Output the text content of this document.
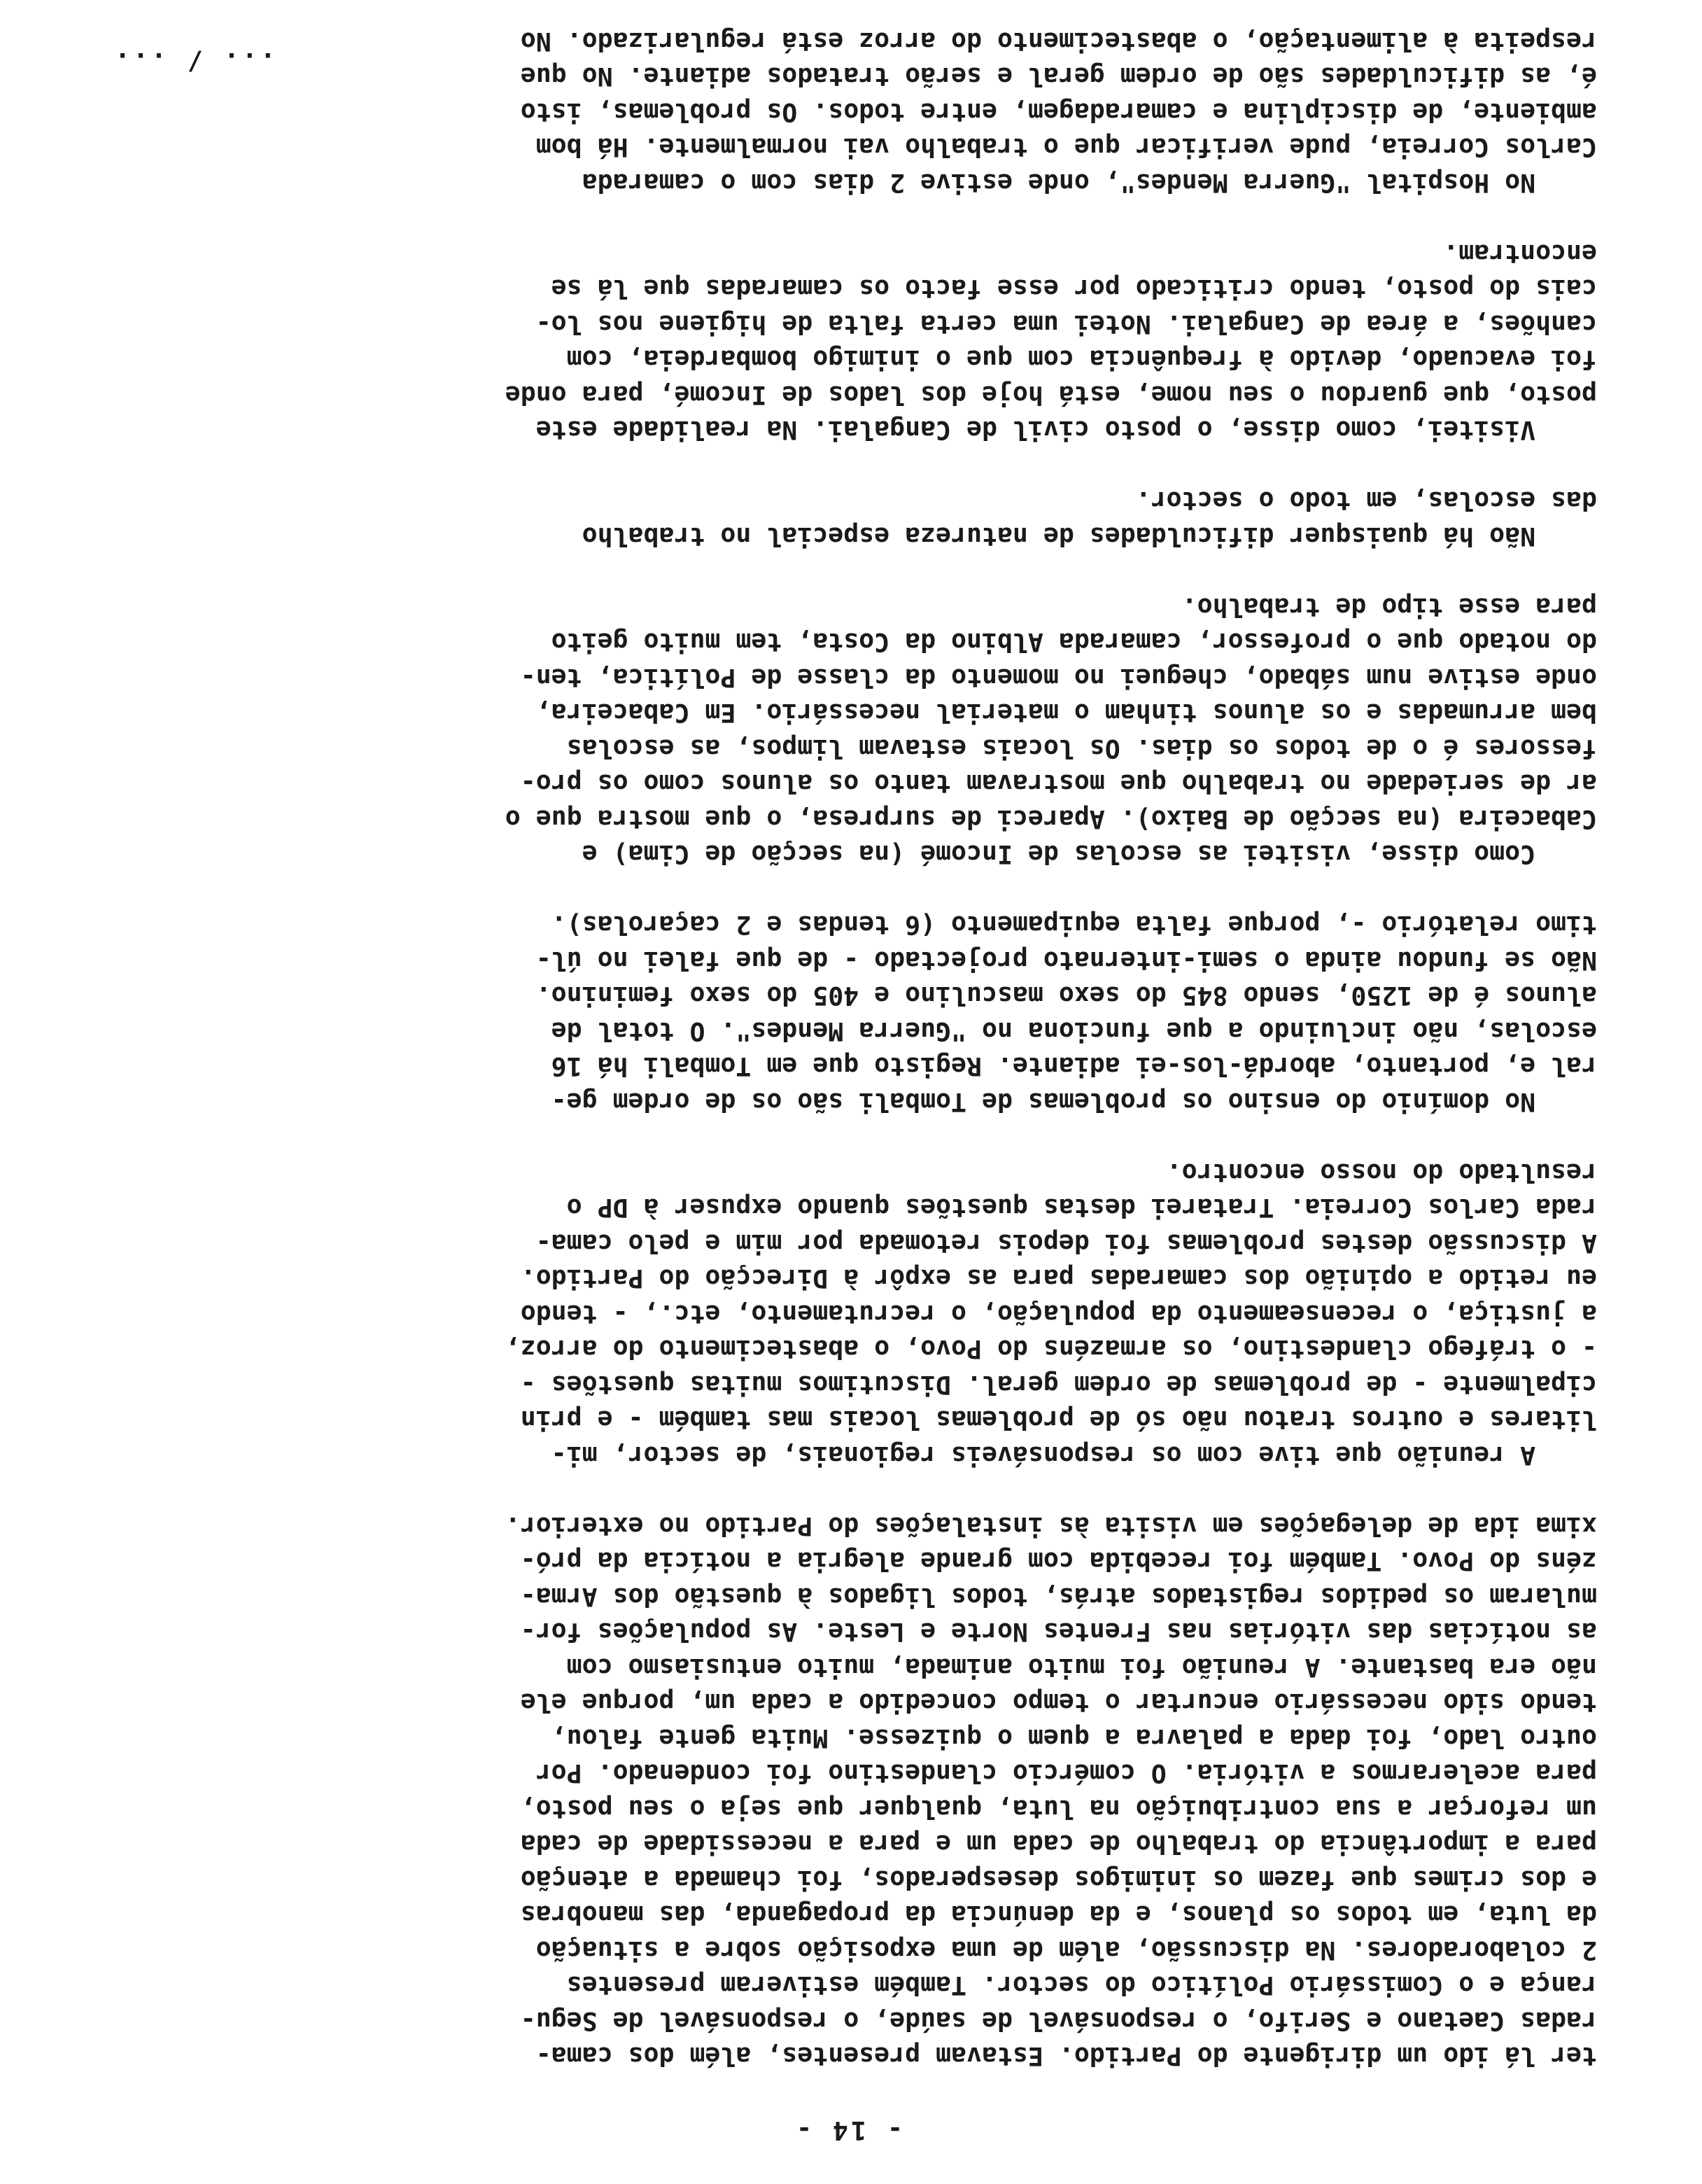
- 14 -
ter lá ido um dirigente do Partido. Estavam presentes, além dos cama-
radas Caetano e Serifo, o responsável de saúde, o responsável de Segu-
rança e o Comissário Político do sector. Também estiveram presentes
2 colaboradores. Na discussão, além de uma exposição sobre a situação
da luta, em todos os planos, e da denúncia da propaganda, das manobras
e dos crimes que fazem os inimigos desesperados, foi chamada a atenção
para a importância do trabalho de cada um e para a necessidade de cada
um reforçar a sua contribuição na luta, qualquer que seja o seu posto,
para acelerarmos a vitória. O comércio clandestino foi condenado. Por
outro lado, foi dada a palavra a quem o quizesse. Muita gente falou,
tendo sido necessário encurtar o tempo concedido a cada um, porque ele
não era bastante. A reunião foi muito animada, muito entusiasmo com
as notícias das vitórias nas Frentes Norte e Leste. As populações for-
mularam os pedidos registados atrás, todos ligados à questão dos Arma-
zéns do Povo. Também foi recebida com grande alegria a notícia da pró-
xima ida de delegações em visita às instalações do Partido no exterior.
A reunião que tive com os responsáveis regionais, de sector, mi-
litares e outros tratou não só de problemas locais mas também - e prin
cipalmente - de problemas de ordem geral. Discutimos muitas questões -
- o tráfego clandestino, os armazéns do Povo, o abastecimento do arroz,
a justiça, o recenseamento da população, o recrutamento, etc., - tendo
eu retido a opinião dos camaradas para as expôr à Direcção do Partido.
A discussão destes problemas foi depois retomada por mim e pelo cama-
rada Carlos Correia. Tratarei destas questões quando expuser à DP o
resultado do nosso encontro.
No domínio do ensino os problemas de Tombali são os de ordem ge-
ral e, portanto, abordá-los-ei adiante. Registo que em Tombali há 16
escolas, não incluindo a que funciona no "Guerra Mendes". O total de
alunos é de 1250, sendo 845 do sexo masculino e 405 do sexo feminino.
Não se fundou ainda o semi-internato projectado - de que falei no úl-
timo relatório -, porque falta equipamento (6 tendas e 2 caçarolas).
Como disse, visitei as escolas de Incomé (na secção de Cima) e
Cabaceira (na secção de Baixo). Apareci de surpresa, o que mostra que o
ar de seriedade no trabalho que mostravam tanto os alunos como os pro-
fessores é o de todos os dias. Os locais estavam limpos, as escolas
bem arrumadas e os alunos tinham o material necessário. Em Cabaceira,
onde estive num sábado, cheguei no momento da classe de Política, ten-
do notado que o professor, camarada Albino da Costa, tem muito geito
para esse tipo de trabalho.
Não há quaisquer dificuldades de natureza especial no trabalho
das escolas, em todo o sector.
Visitei, como disse, o posto civil de Cangalai. Na realidade este
posto, que guardou o seu nome, está hoje dos lados de Incomé, para onde
foi evacuado, devido à frequência com que o inimigo bombardeia, com
canhões, a área de Cangalai. Notei uma certa falta de higiene nos lo-
cais do posto, tendo criticado por esse facto os camaradas que lá se
encontram.
No Hospital "Guerra Mendes", onde estive 2 dias com o camarada
Carlos Correia, pude verificar que o trabalho vai normalmente. Há bom
ambiente, de disciplina e camaradagem, entre todos. Os problemas, isto
é, as dificuldades são de ordem geral e serão tratados adiante. No que
respeita à alimentação, o abastecimento do arroz está regularizado. No
... / ...
